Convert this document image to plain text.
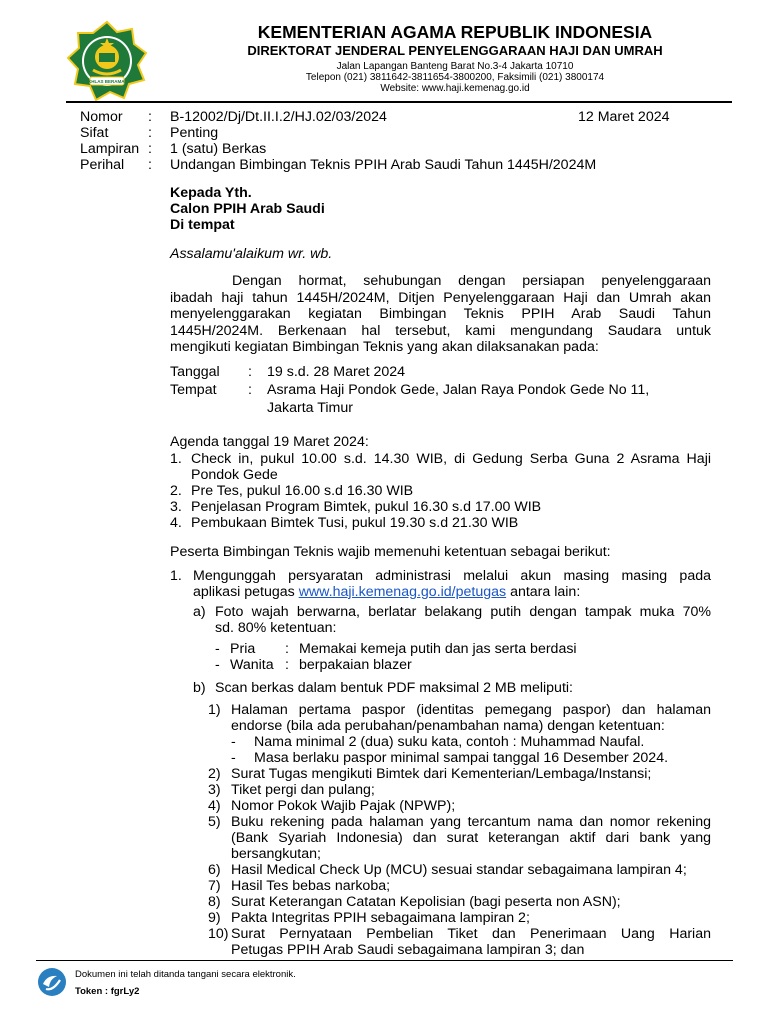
IKHLAS BERAMAL
KEMENTERIAN AGAMA REPUBLIK INDONESIA
DIREKTORAT JENDERAL PENYELENGGARAAN HAJI DAN UMRAH
Jalan Lapangan Banteng Barat No.3-4 Jakarta 10710
Telepon (021) 3811642-3811654-3800200, Faksimili (021) 3800174
Website: www.haji.kemenag.go.id
Nomor : B-12002/Dj/Dt.II.I.2/HJ.02/03/2024	12 Maret 2024
Sifat	: Penting
Lampiran : 1 (satu) Berkas
Perihal : Undangan Bimbingan Teknis PPIH Arab Saudi Tahun 1445H/2024M
Kepada Yth.
Calon PPIH Arab Saudi
Di tempat
Assalamu'alaikum wr. wb.
Dengan hormat, sehubungan dengan persiapan penyelenggaraan
ibadah haji tahun 1445H/2024M, Ditjen Penyelenggaraan Haji dan Umrah akan
menyelenggarakan kegiatan Bimbingan Teknis PPIH Arab Saudi Tahun
1445H/2024M. Berkenaan hal tersebut, kami mengundang Saudara untuk
mengikuti kegiatan Bimbingan Teknis yang akan dilaksanakan pada:
Tanggal : 19 s.d. 28 Maret 2024
Tempat : Asrama Haji Pondok Gede, Jalan Raya Pondok Gede No 11,
Jakarta Timur
Agenda tanggal 19 Maret 2024:
1. Check in, pukul 10.00 s.d. 14.30 WIB, di Gedung Serba Guna 2 Asrama Haji
Pondok Gede
2. Pre Tes, pukul 16.00 s.d 16.30 WIB
3. Penjelasan Program Bimtek, pukul 16.30 s.d 17.00 WIB
4. Pembukaan Bimtek Tusi, pukul 19.30 s.d 21.30 WIB
Peserta Bimbingan Teknis wajib memenuhi ketentuan sebagai berikut:
1. Mengunggah persyaratan administrasi melalui akun masing masing pada
aplikasi petugas www.haji.kemenag.go.id/petugas antara lain:
a) Foto wajah berwarna, berlatar belakang putih dengan tampak muka 70%
sd. 80% ketentuan:
- Pria : Memakai kemeja putih dan jas serta berdasi
- Wanita : berpakaian blazer
b) Scan berkas dalam bentuk PDF maksimal 2 MB meliputi:
1) Halaman pertama paspor (identitas pemegang paspor) dan halaman
endorse (bila ada perubahan/penambahan nama) dengan ketentuan:
- Nama minimal 2 (dua) suku kata, contoh : Muhammad Naufal.
- Masa berlaku paspor minimal sampai tanggal 16 Desember 2024.
2) Surat Tugas mengikuti Bimtek dari Kementerian/Lembaga/Instansi;
3) Tiket pergi dan pulang;
4) Nomor Pokok Wajib Pajak (NPWP);
5) Buku rekening pada halaman yang tercantum nama dan nomor rekening
(Bank Syariah Indonesia) dan surat keterangan aktif dari bank yang
bersangkutan;
6) Hasil Medical Check Up (MCU) sesuai standar sebagaimana lampiran 4;
7) Hasil Tes bebas narkoba;
8) Surat Keterangan Catatan Kepolisian (bagi peserta non ASN);
9) Pakta Integritas PPIH sebagaimana lampiran 2;
10) Surat Pernyataan Pembelian Tiket dan Penerimaan Uang Harian
Petugas PPIH Arab Saudi sebagaimana lampiran 3; dan
Dokumen ini telah ditanda tangani secara elektronik.
Token : fgrLy2
